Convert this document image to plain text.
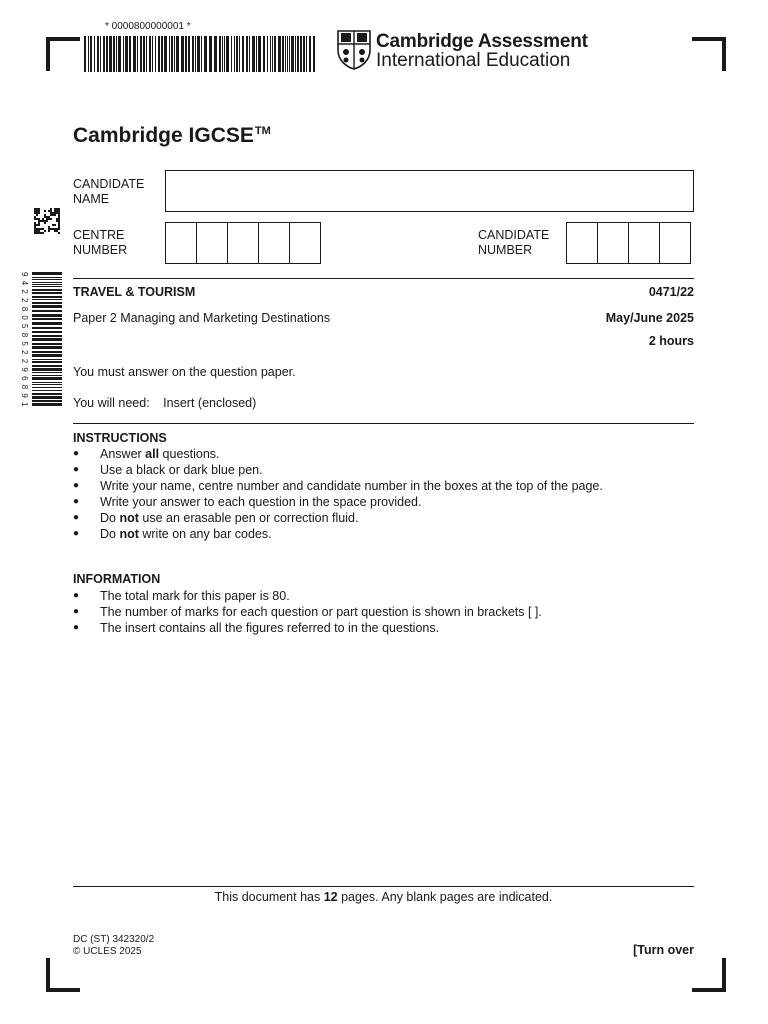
* 0000800000001 *
Cambridge Assessment
International Education
Cambridge IGCSE™
CANDIDATE
NAME
CENTRE
NUMBER
CANDIDATE
NUMBER
9 4 2 2 8 0 5 8 5 2 2 9 6 8 9 1	TRAVEL & TOURISM	0471/22
Paper 2 Managing and Marketing Destinations	May/June 2025
2 hours
You must answer on the question paper.
You will need: Insert (enclosed)
INSTRUCTIONS
● Answer all questions.
● Use a black or dark blue pen.
● Write your name, centre number and candidate number in the boxes at the top of the page.
● Write your answer to each question in the space provided.
● Do not use an erasable pen or correction fluid.
● Do not write on any bar codes.
INFORMATION
● The total mark for this paper is 80.
● The number of marks for each question or part question is shown in brackets [ ].
● The insert contains all the figures referred to in the questions.
This document has 12 pages. Any blank pages are indicated.
DC (ST) 342320/2
© UCLES 2025	[Turn over
